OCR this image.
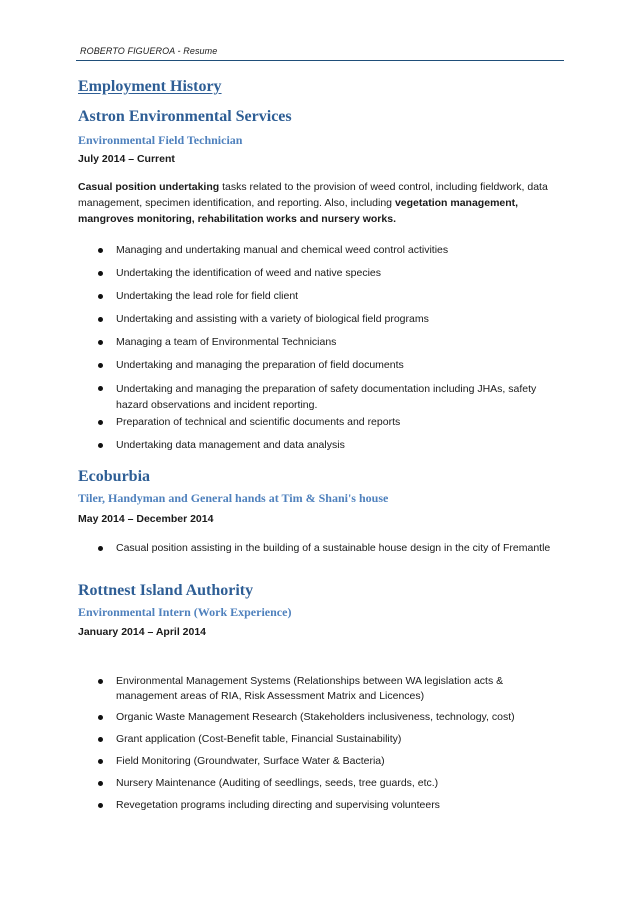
ROBERTO FIGUEROA - Resume
Employment History
Astron Environmental Services
Environmental Field Technician
July 2014 – Current

Casual position undertaking tasks related to the provision of weed control, including fieldwork, data management, specimen identification, and reporting. Also, including vegetation management, mangroves monitoring, rehabilitation works and nursery works.

Managing and undertaking manual and chemical weed control activities
Undertaking the identification of weed and native species
Undertaking the lead role for field client
Undertaking and assisting with a variety of biological field programs
Managing a team of Environmental Technicians
Undertaking and managing the preparation of field documents
Undertaking and managing the preparation of safety documentation including JHAs, safety hazard observations and incident reporting.
Preparation of technical and scientific documents and reports
Undertaking data management and data analysis
Ecoburbia
Tiler, Handyman and General hands at Tim & Shani's house
May 2014 – December 2014
Casual position assisting in the building of a sustainable house design in the city of Fremantle
Rottnest Island Authority
Environmental Intern (Work Experience)
January 2014 – April 2014
Environmental Management Systems (Relationships between WA legislation acts & management areas of RIA, Risk Assessment Matrix and Licences)
Organic Waste Management Research (Stakeholders inclusiveness, technology, cost)
Grant application (Cost-Benefit table, Financial Sustainability)
Field Monitoring (Groundwater, Surface Water & Bacteria)
Nursery Maintenance (Auditing of seedlings, seeds, tree guards, etc.)
Revegetation programs including directing and supervising volunteers
